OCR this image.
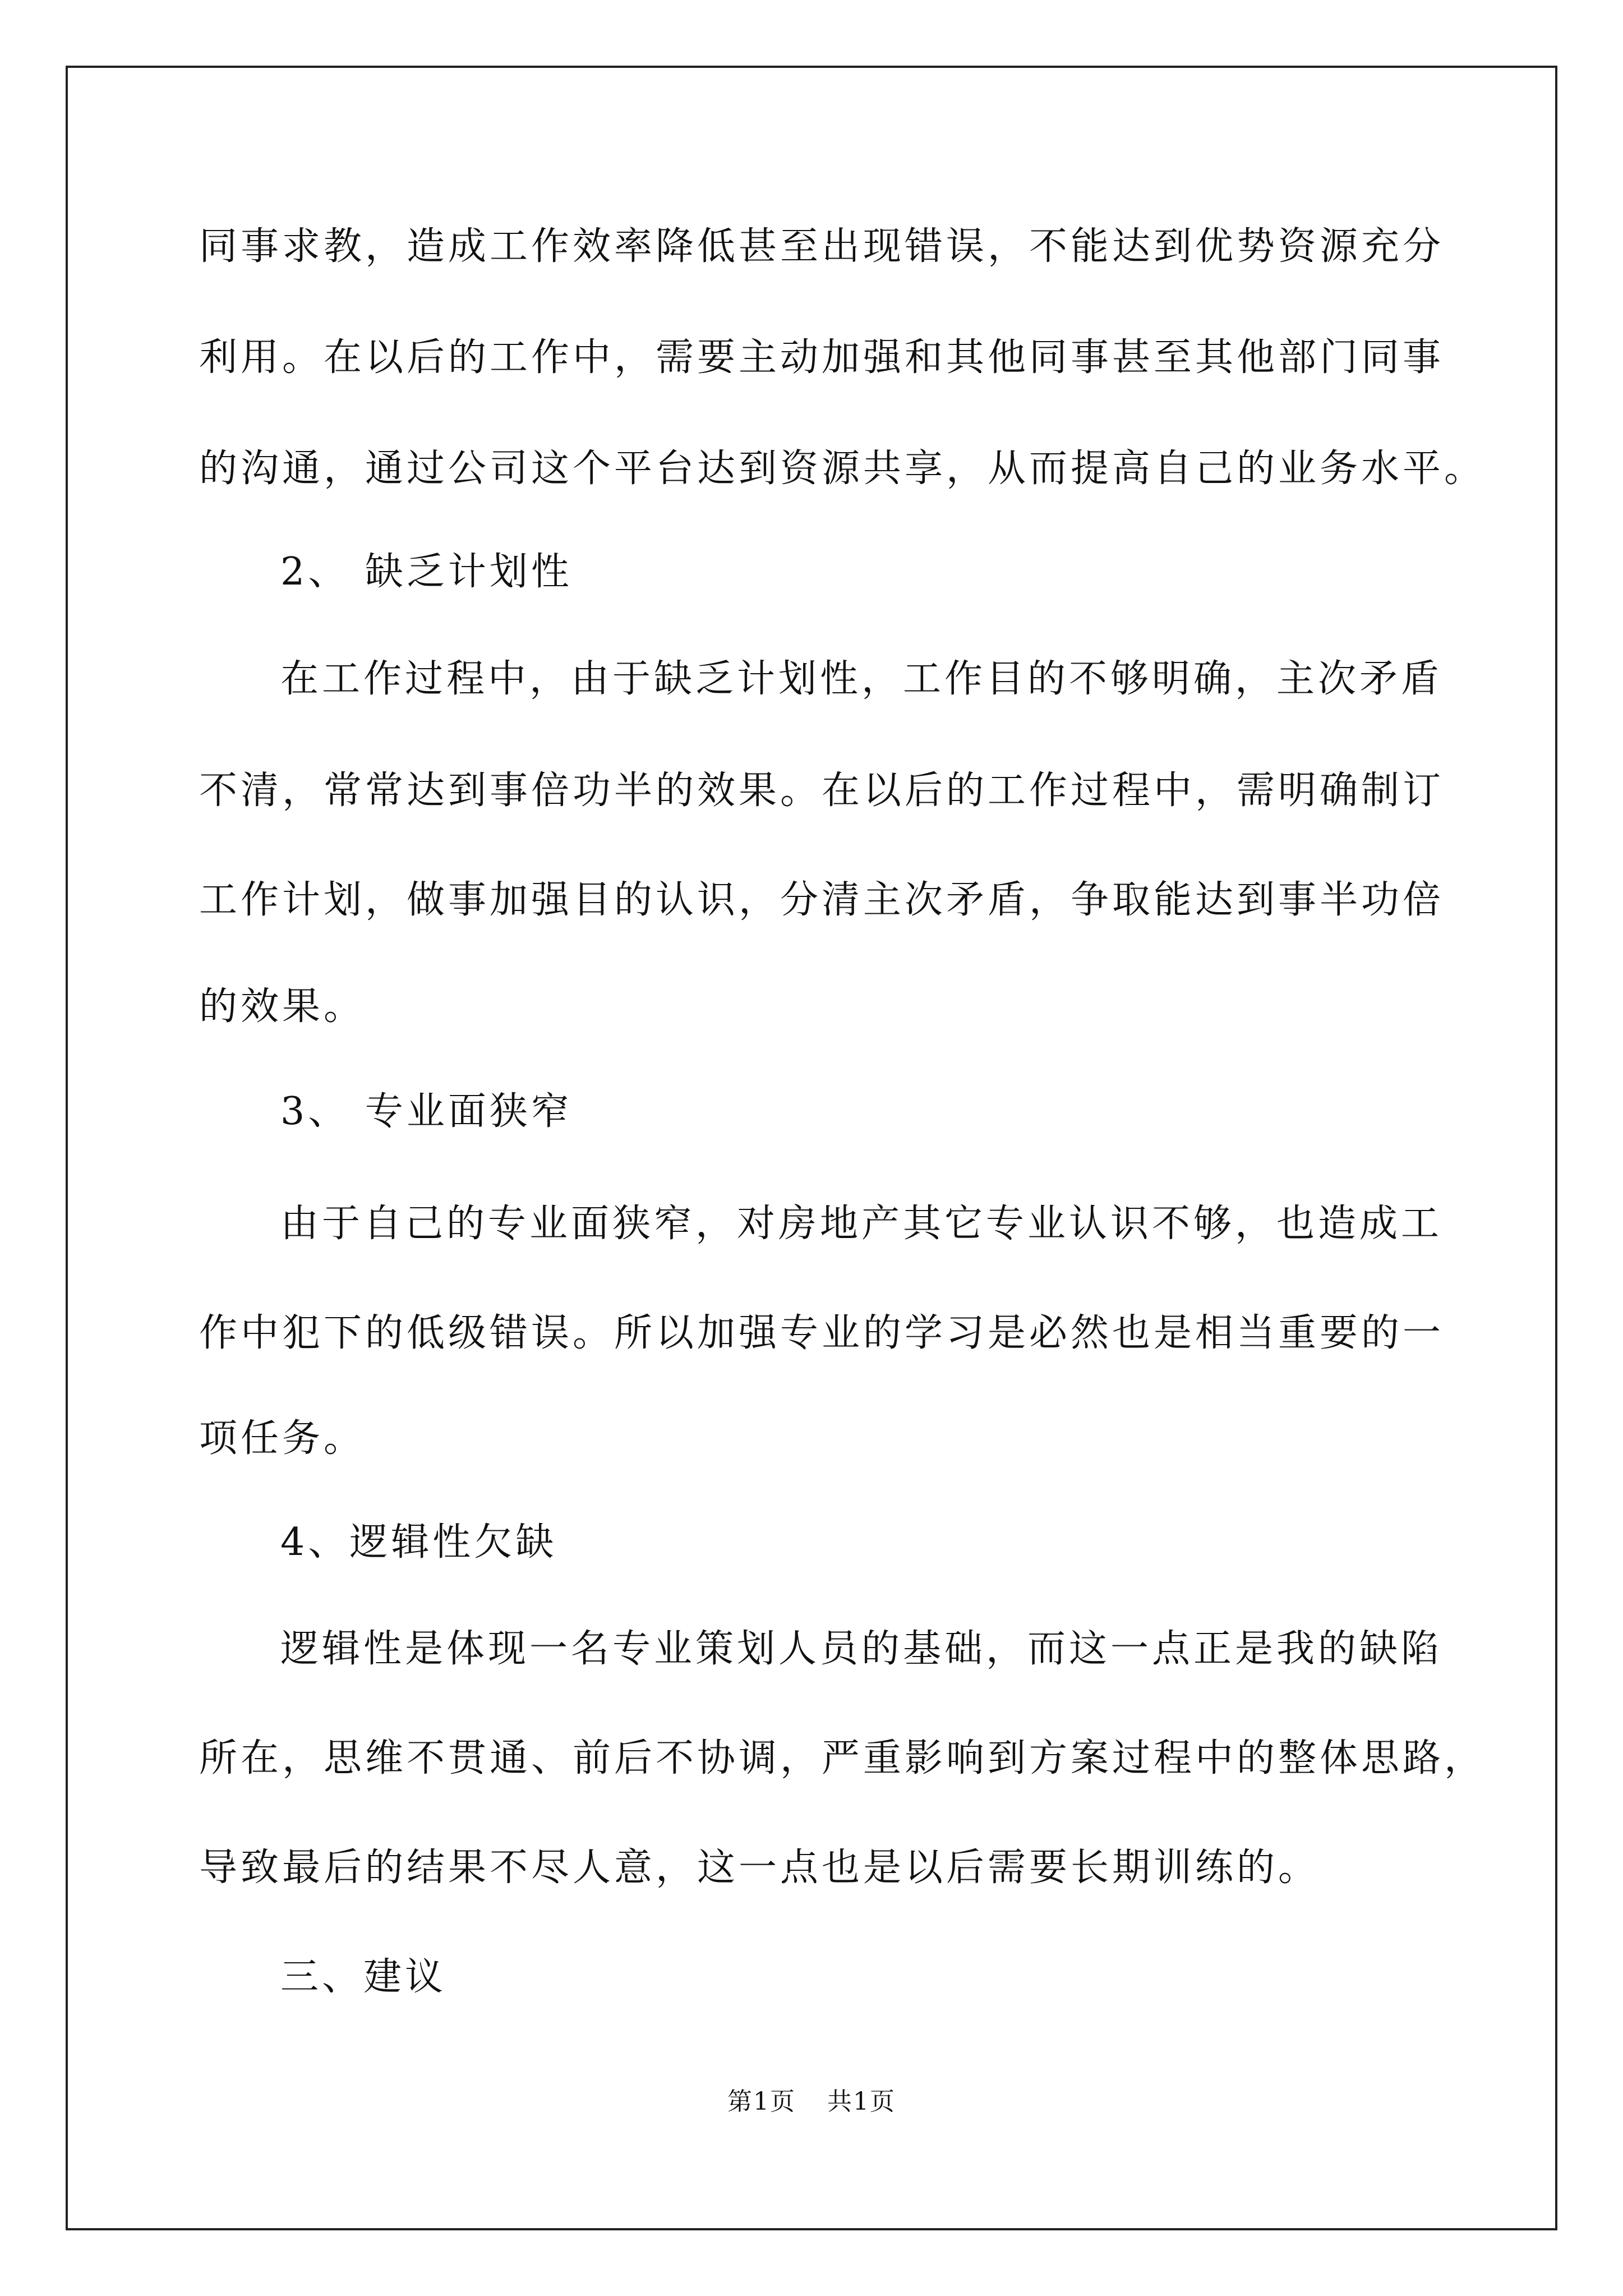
同事求教，造成工作效率降低甚至出现错误，不能达到优势资源充分

利用。在以后的工作中，需要主动加强和其他同事甚至其他部门同事

的沟通，通过公司这个平台达到资源共享，从而提高自己的业务水平。

2、 缺乏计划性

在工作过程中，由于缺乏计划性，工作目的不够明确，主次矛盾

不清，常常达到事倍功半的效果。在以后的工作过程中，需明确制订

工作计划，做事加强目的认识，分清主次矛盾，争取能达到事半功倍

的效果。

3、 专业面狭窄

由于自己的专业面狭窄，对房地产其它专业认识不够，也造成工

作中犯下的低级错误。所以加强专业的学习是必然也是相当重要的一

项任务。

4、逻辑性欠缺

逻辑性是体现一名专业策划人员的基础，而这一点正是我的缺陷

所在，思维不贯通、前后不协调，严重影响到方案过程中的整体思路，

导致最后的结果不尽人意，这一点也是以后需要长期训练的。

三、建议

第1页 共1页
